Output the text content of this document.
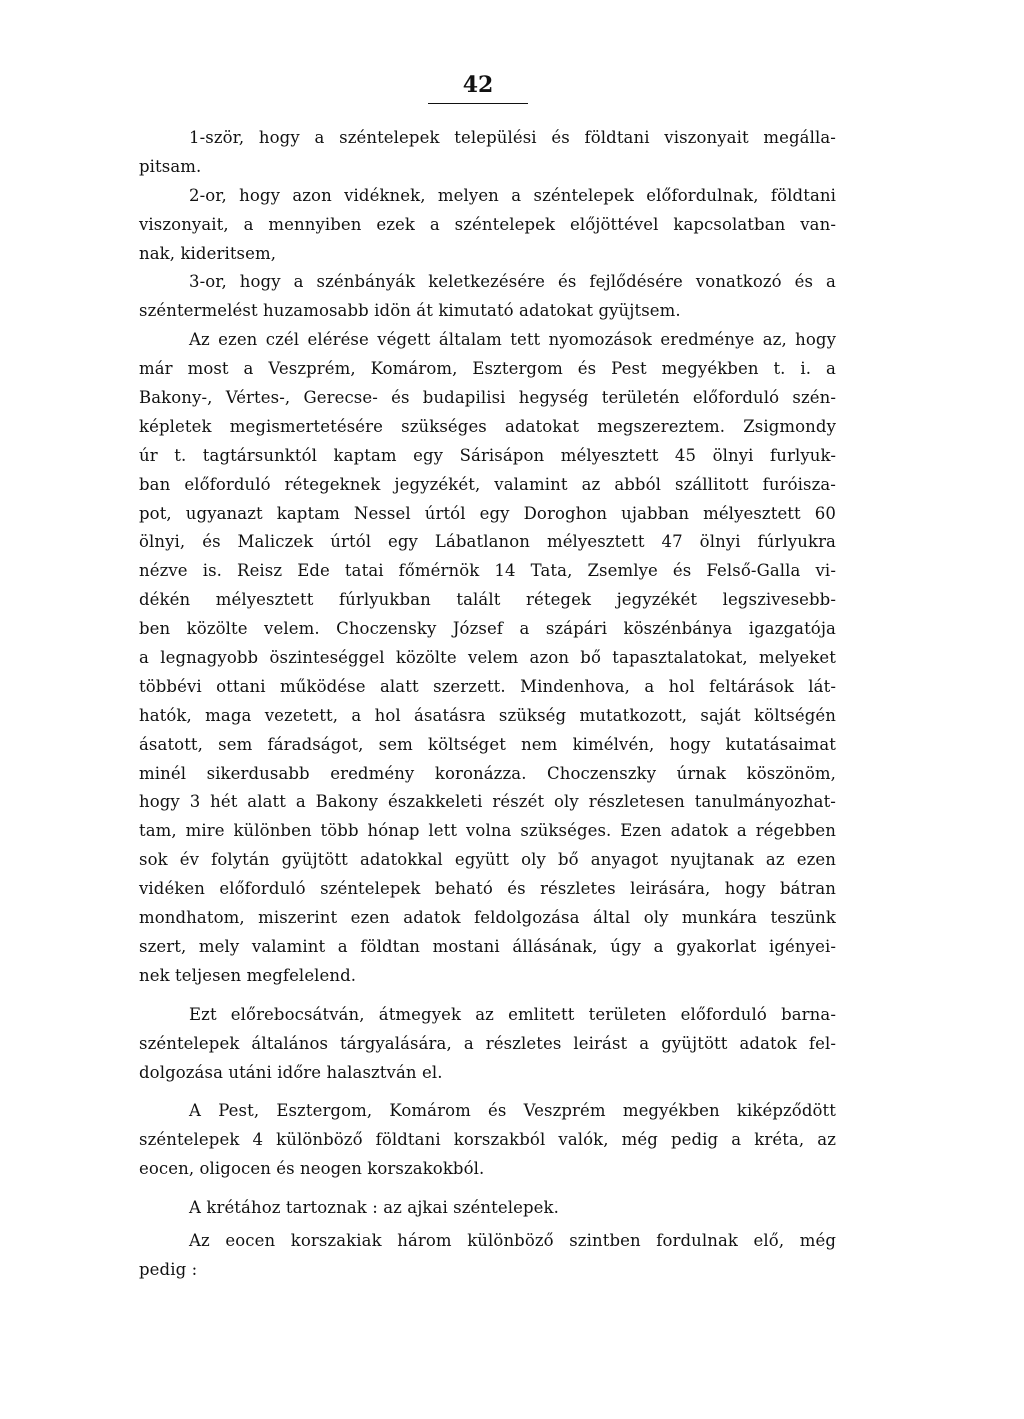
42
1-ször, hogy a széntelepek települési és földtani viszonyait megálla-
pitsam.
2-or, hogy azon vidéknek, melyen a széntelepek előfordulnak, földtani
viszonyait, a mennyiben ezek a széntelepek előjöttével kapcsolatban van-
nak, kideritsem,
3-or, hogy a szénbányák keletkezésére és fejlődésére vonatkozó és a
széntermelést huzamosabb idön át kimutató adatokat gyüjtsem.
Az ezen czél elérése végett általam tett nyomozások eredménye az, hogy
már most a Veszprém, Komárom, Esztergom és Pest megyékben t. i. a
Bakony-, Vértes-, Gerecse- és budapilisi hegység területén előforduló szén-
képletek megismertetésére szükséges adatokat megszereztem. Zsigmondy
úr t. tagtársunktól kaptam egy Sárisápon mélyesztett 45 ölnyi furlyuk-
ban előforduló rétegeknek jegyzékét, valamint az abból szállitott furóisza-
pot, ugyanazt kaptam Nessel úrtól egy Doroghon ujabban mélyesztett 60
ölnyi, és Maliczek úrtól egy Lábatlanon mélyesztett 47 ölnyi fúrlyukra
nézve is. Reisz Ede tatai főmérnök 14 Tata, Zsemlye és Felső-Galla vi-
dékén mélyesztett fúrlyukban talált rétegek jegyzékét legszivesebb-
ben közölte velem. Choczensky József a szápári köszénbánya igazgatója
a legnagyobb öszinteséggel közölte velem azon bő tapasztalatokat, melyeket
többévi ottani működése alatt szerzett. Mindenhova, a hol feltárások lát-
hatók, maga vezetett, a hol ásatásra szükség mutatkozott, saját költségén
ásatott, sem fáradságot, sem költséget nem kimélvén, hogy kutatásaimat
minél sikerdusabb eredmény koronázza. Choczenszky úrnak köszönöm,
hogy 3 hét alatt a Bakony északkeleti részét oly részletesen tanulmányozhat-
tam, mire különben több hónap lett volna szükséges. Ezen adatok a régebben
sok év folytán gyüjtött adatokkal együtt oly bő anyagot nyujtanak az ezen
vidéken előforduló széntelepek beható és részletes leirására, hogy bátran
mondhatom, miszerint ezen adatok feldolgozása által oly munkára teszünk
szert, mely valamint a földtan mostani állásának, úgy a gyakorlat igényei-
nek teljesen megfelelend.
Ezt előrebocsátván, átmegyek az emlitett területen előforduló barna-
széntelepek általános tárgyalására, a részletes leirást a gyüjtött adatok fel-
dolgozása utáni időre halasztván el.
A Pest, Esztergom, Komárom és Veszprém megyékben kiképződött
széntelepek 4 különböző földtani korszakból valók, még pedig a kréta, az
eocen, oligocen és neogen korszakokból.
A krétához tartoznak : az ajkai széntelepek.
Az eocen korszakiak három különböző szintben fordulnak elő, még
pedig :
